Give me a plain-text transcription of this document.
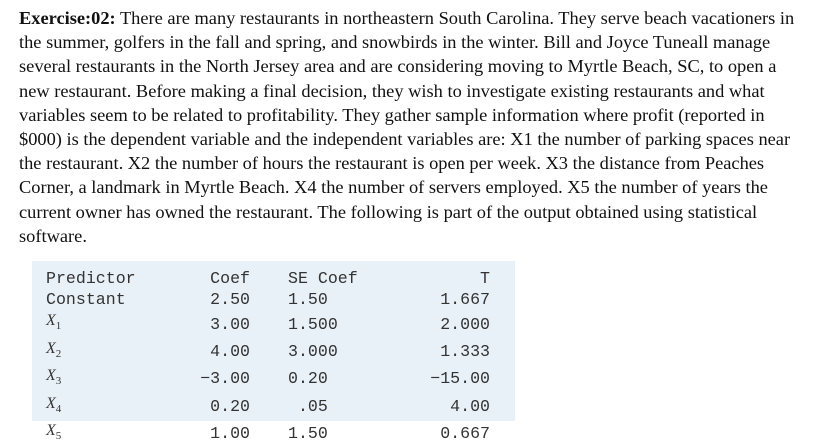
Exercise:02: There are many restaurants in northeastern South Carolina. They serve beach vacationers in the summer, golfers in the fall and spring, and snowbirds in the winter. Bill and Joyce Tuneall manage several restaurants in the North Jersey area and are considering moving to Myrtle Beach, SC, to open a new restaurant. Before making a final decision, they wish to investigate existing restaurants and what variables seem to be related to profitability. They gather sample information where profit (reported in $000) is the dependent variable and the independent variables are: X1 the number of parking spaces near the restaurant. X2 the number of hours the restaurant is open per week. X3 the distance from Peaches Corner, a landmark in Myrtle Beach. X4 the number of servers employed. X5 the number of years the current owner has owned the restaurant. The following is part of the output obtained using statistical software.
Predictor	Coef	SE Coef	T
Constant	2.50	1.50	1.667
$X_1$	3.00	1.500	2.000
$X_2$	4.00	3.000	1.333
$X_3$	−3.00	0.20	−15.00
$X_4$	0.20	.05	4.00
$X_5$	1.00	1.50	0.667
